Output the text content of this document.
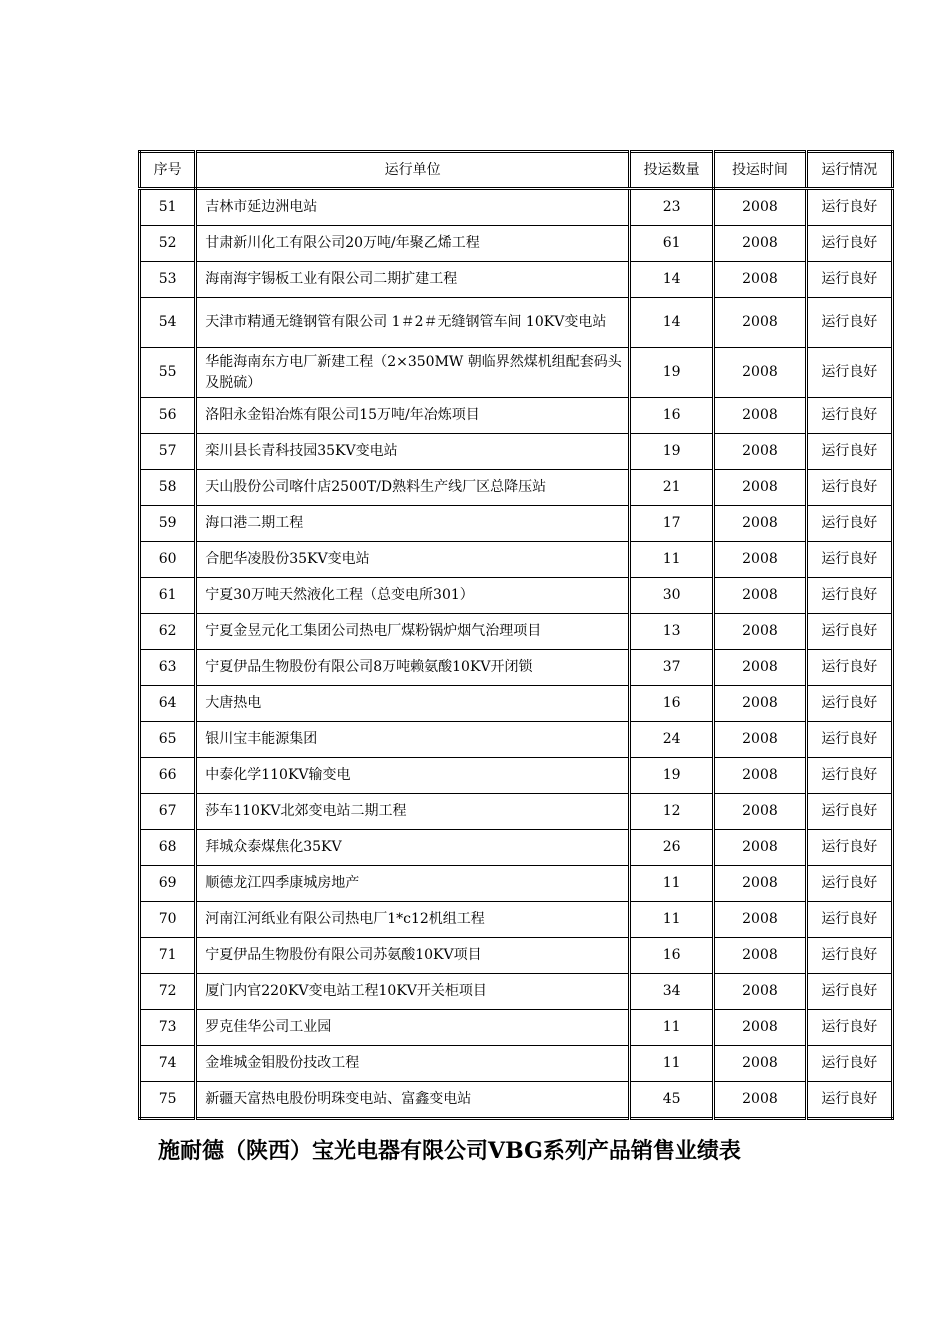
序号	运行单位	投运数量	投运时间	运行情况
51	吉林市延边洲电站	23	2008	运行良好
52	甘肃新川化工有限公司20万吨/年聚乙烯工程	61	2008	运行良好
53	海南海宇锡板工业有限公司二期扩建工程	14	2008	运行良好
54	天津市精通无缝钢管有限公司 1＃2＃无缝钢管车间 10KV变电站	14	2008	运行良好
55	华能海南东方电厂新建工程（2×350MW 朝临界然煤机组配套码头及脱硫）	19	2008	运行良好
56	洛阳永金铅冶炼有限公司15万吨/年冶炼项目	16	2008	运行良好
57	栾川县长青科技园35KV变电站	19	2008	运行良好
58	天山股份公司喀什店2500T/D熟料生产线厂区总降压站	21	2008	运行良好
59	海口港二期工程	17	2008	运行良好
60	合肥华凌股份35KV变电站	11	2008	运行良好
61	宁夏30万吨天然液化工程（总变电所301）	30	2008	运行良好
62	宁夏金昱元化工集团公司热电厂煤粉锅炉烟气治理项目	13	2008	运行良好
63	宁夏伊品生物股份有限公司8万吨赖氨酸10KV开闭锁	37	2008	运行良好
64	大唐热电	16	2008	运行良好
65	银川宝丰能源集团	24	2008	运行良好
66	中泰化学110KV输变电	19	2008	运行良好
67	莎车110KV北郊变电站二期工程	12	2008	运行良好
68	拜城众泰煤焦化35KV	26	2008	运行良好
69	顺德龙江四季康城房地产	11	2008	运行良好
70	河南江河纸业有限公司热电厂1*c12机组工程	11	2008	运行良好
71	宁夏伊品生物股份有限公司苏氨酸10KV项目	16	2008	运行良好
72	厦门内官220KV变电站工程10KV开关柜项目	34	2008	运行良好
73	罗克佳华公司工业园	11	2008	运行良好
74	金堆城金钼股份技改工程	11	2008	运行良好
75	新疆天富热电股份明珠变电站、富鑫变电站	45	2008	运行良好
施耐德（陕西）宝光电器有限公司VBG系列产品销售业绩表
